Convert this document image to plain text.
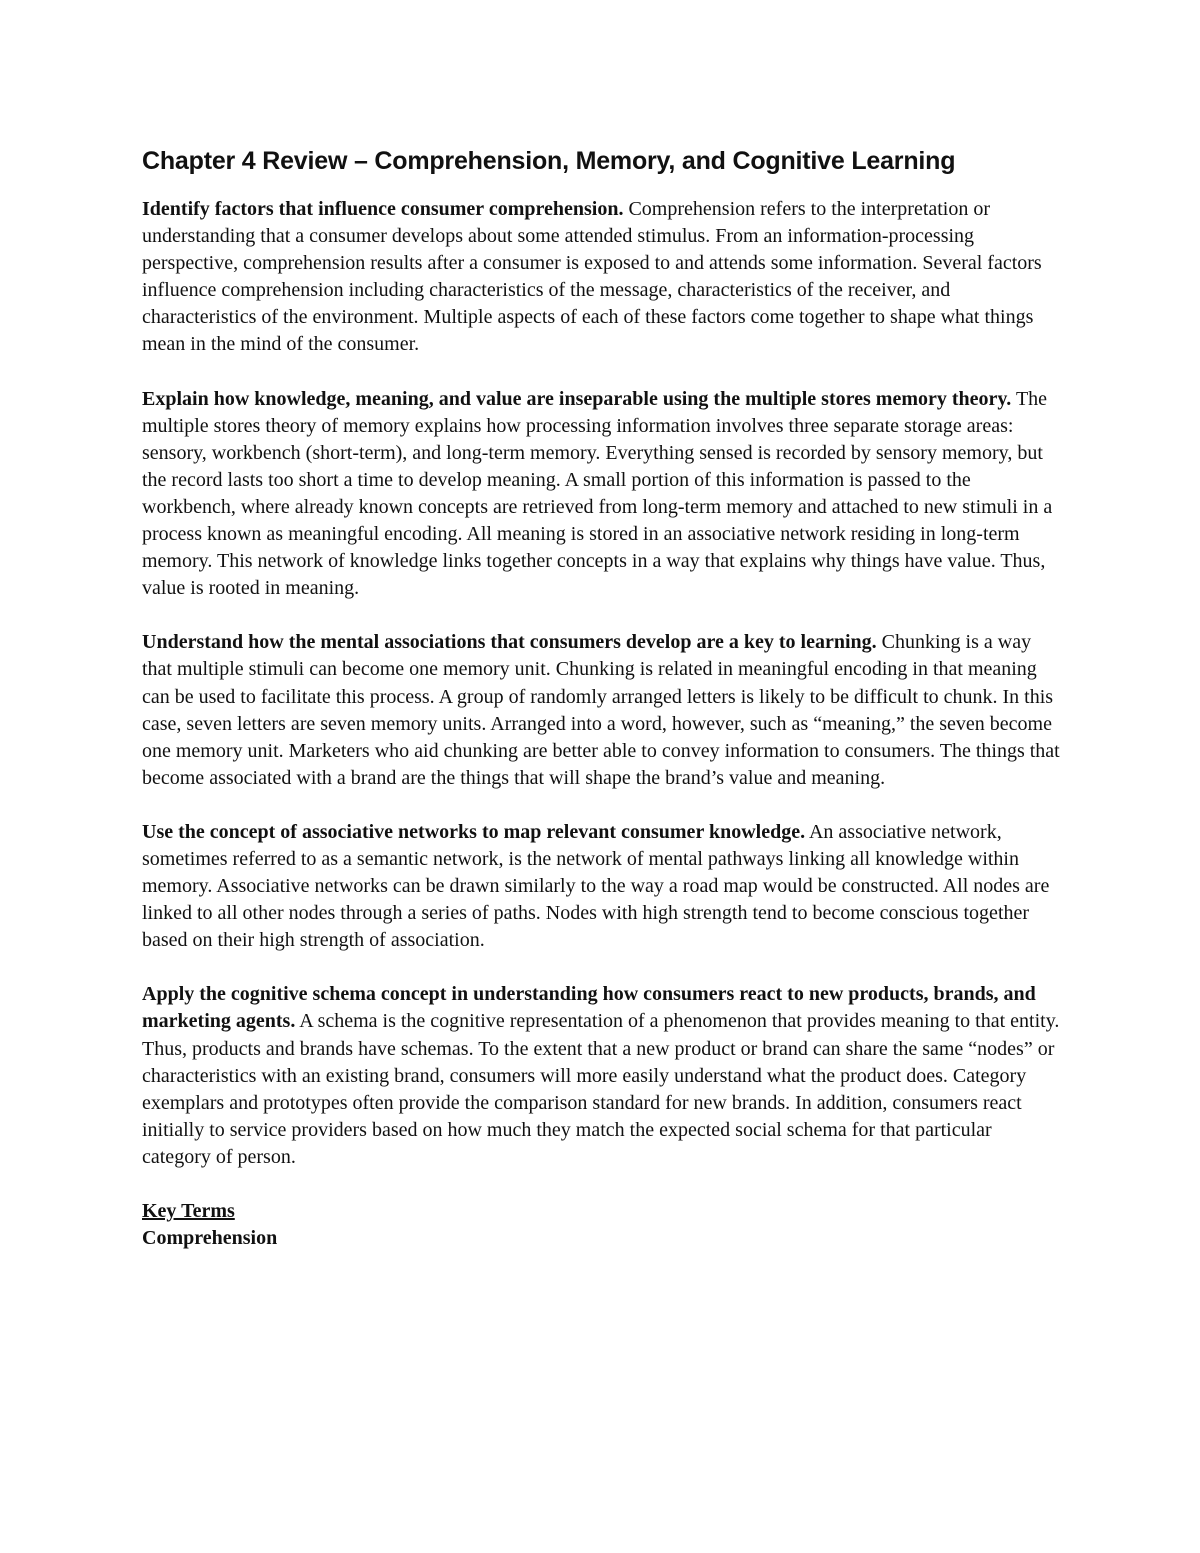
Chapter 4 Review – Comprehension, Memory, and Cognitive Learning

Identify factors that influence consumer comprehension. Comprehension refers to the interpretation or understanding that a consumer develops about some attended stimulus. From an information-processing perspective, comprehension results after a consumer is exposed to and attends some information. Several factors influence comprehension including characteristics of the message, characteristics of the receiver, and characteristics of the environment. Multiple aspects of each of these factors come together to shape what things mean in the mind of the consumer.

Explain how knowledge, meaning, and value are inseparable using the multiple stores memory theory. The multiple stores theory of memory explains how processing information involves three separate storage areas: sensory, workbench (short-term), and long-term memory. Everything sensed is recorded by sensory memory, but the record lasts too short a time to develop meaning. A small portion of this information is passed to the workbench, where already known concepts are retrieved from long-term memory and attached to new stimuli in a process known as meaningful encoding. All meaning is stored in an associative network residing in long-term memory. This network of knowledge links together concepts in a way that explains why things have value. Thus, value is rooted in meaning.

Understand how the mental associations that consumers develop are a key to learning. Chunking is a way that multiple stimuli can become one memory unit. Chunking is related in meaningful encoding in that meaning can be used to facilitate this process. A group of randomly arranged letters is likely to be difficult to chunk. In this case, seven letters are seven memory units. Arranged into a word, however, such as “meaning,” the seven become one memory unit. Marketers who aid chunking are better able to convey information to consumers. The things that become associated with a brand are the things that will shape the brand’s value and meaning.

Use the concept of associative networks to map relevant consumer knowledge. An associative network, sometimes referred to as a semantic network, is the network of mental pathways linking all knowledge within memory. Associative networks can be drawn similarly to the way a road map would be constructed. All nodes are linked to all other nodes through a series of paths. Nodes with high strength tend to become conscious together based on their high strength of association.

Apply the cognitive schema concept in understanding how consumers react to new products, brands, and marketing agents. A schema is the cognitive representation of a phenomenon that provides meaning to that entity. Thus, products and brands have schemas. To the extent that a new product or brand can share the same “nodes” or characteristics with an existing brand, consumers will more easily understand what the product does. Category exemplars and prototypes often provide the comparison standard for new brands. In addition, consumers react initially to service providers based on how much they match the expected social schema for that particular category of person.

Key Terms
Comprehension
